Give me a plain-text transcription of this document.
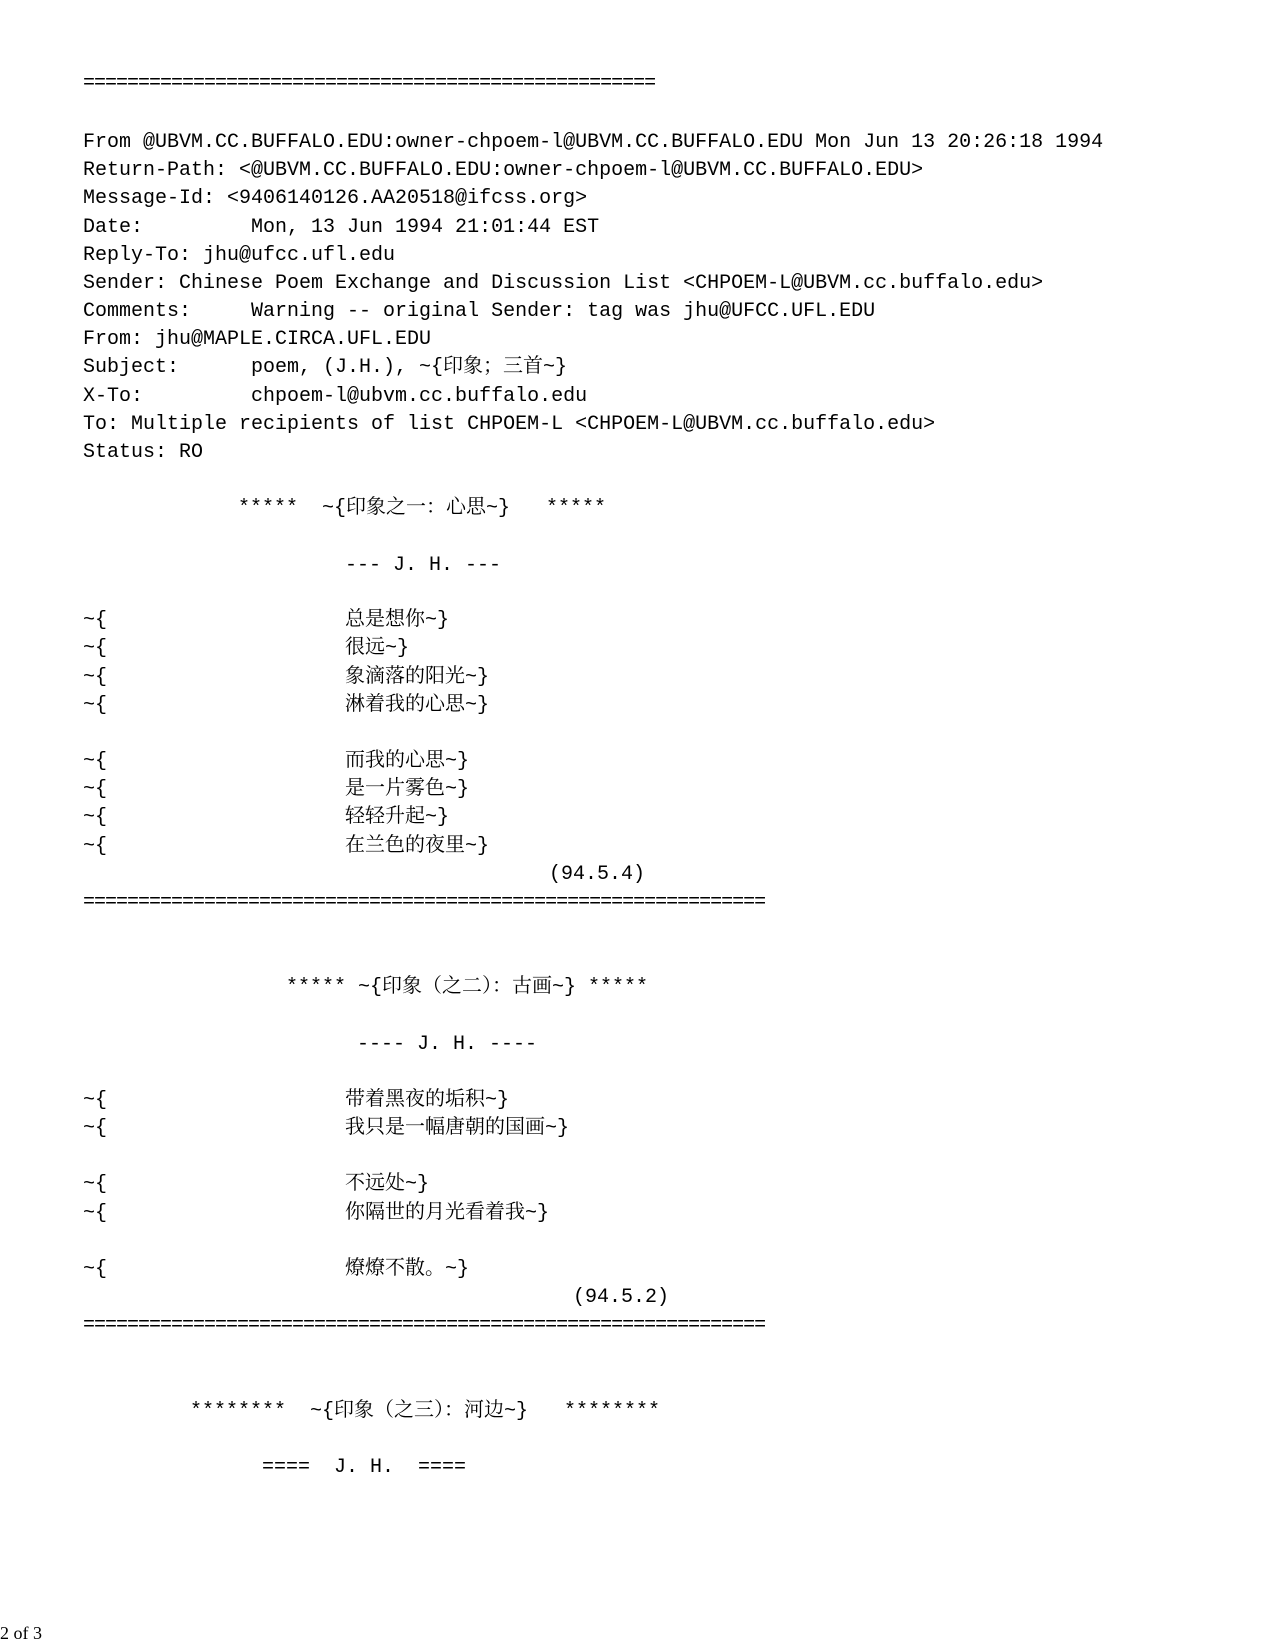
====================================================
From @UBVM.CC.BUFFALO.EDU:owner-chpoem-l@UBVM.CC.BUFFALO.EDU Mon Jun 13 20:26:18 1994
Return-Path: <@UBVM.CC.BUFFALO.EDU:owner-chpoem-l@UBVM.CC.BUFFALO.EDU>
Message-Id: <9406140126.AA20518@ifcss.org>
Date:         Mon, 13 Jun 1994 21:01:44 EST
Reply-To: jhu@ufcc.ufl.edu
Sender: Chinese Poem Exchange and Discussion List <CHPOEM-L@UBVM.cc.buffalo.edu>
Comments:     Warning -- original Sender: tag was jhu@UFCC.UFL.EDU
From: jhu@MAPLE.CIRCA.UFL.EDU
Subject:      poem, (J.H.), ~{印象；三首~}
X-To:         chpoem-l@ubvm.cc.buffalo.edu
To: Multiple recipients of list CHPOEM-L <CHPOEM-L@UBVM.cc.buffalo.edu>
Status: RO
*****  ~{印象之一：心思~}   *****
--- J. H. ---
~{	总是想你~}
~{	很远~}
~{	象滴落的阳光~}
~{	淋着我的心思~}
~{	而我的心思~}
~{	是一片雾色~}
~{	轻轻升起~}
~{	在兰色的夜里~}
(94.5.4)
==============================================================
***** ~{印象（之二）：古画~} *****
---- J. H. ----
~{	带着黑夜的垢积~}
~{	我只是一幅唐朝的国画~}
~{	不远处~}
~{	你隔世的月光看着我~}
~{	燎燎不散。~}
(94.5.2)
==============================================================
********  ~{印象（之三）：河边~}   ********
====  J. H.  ====
2 of 3
